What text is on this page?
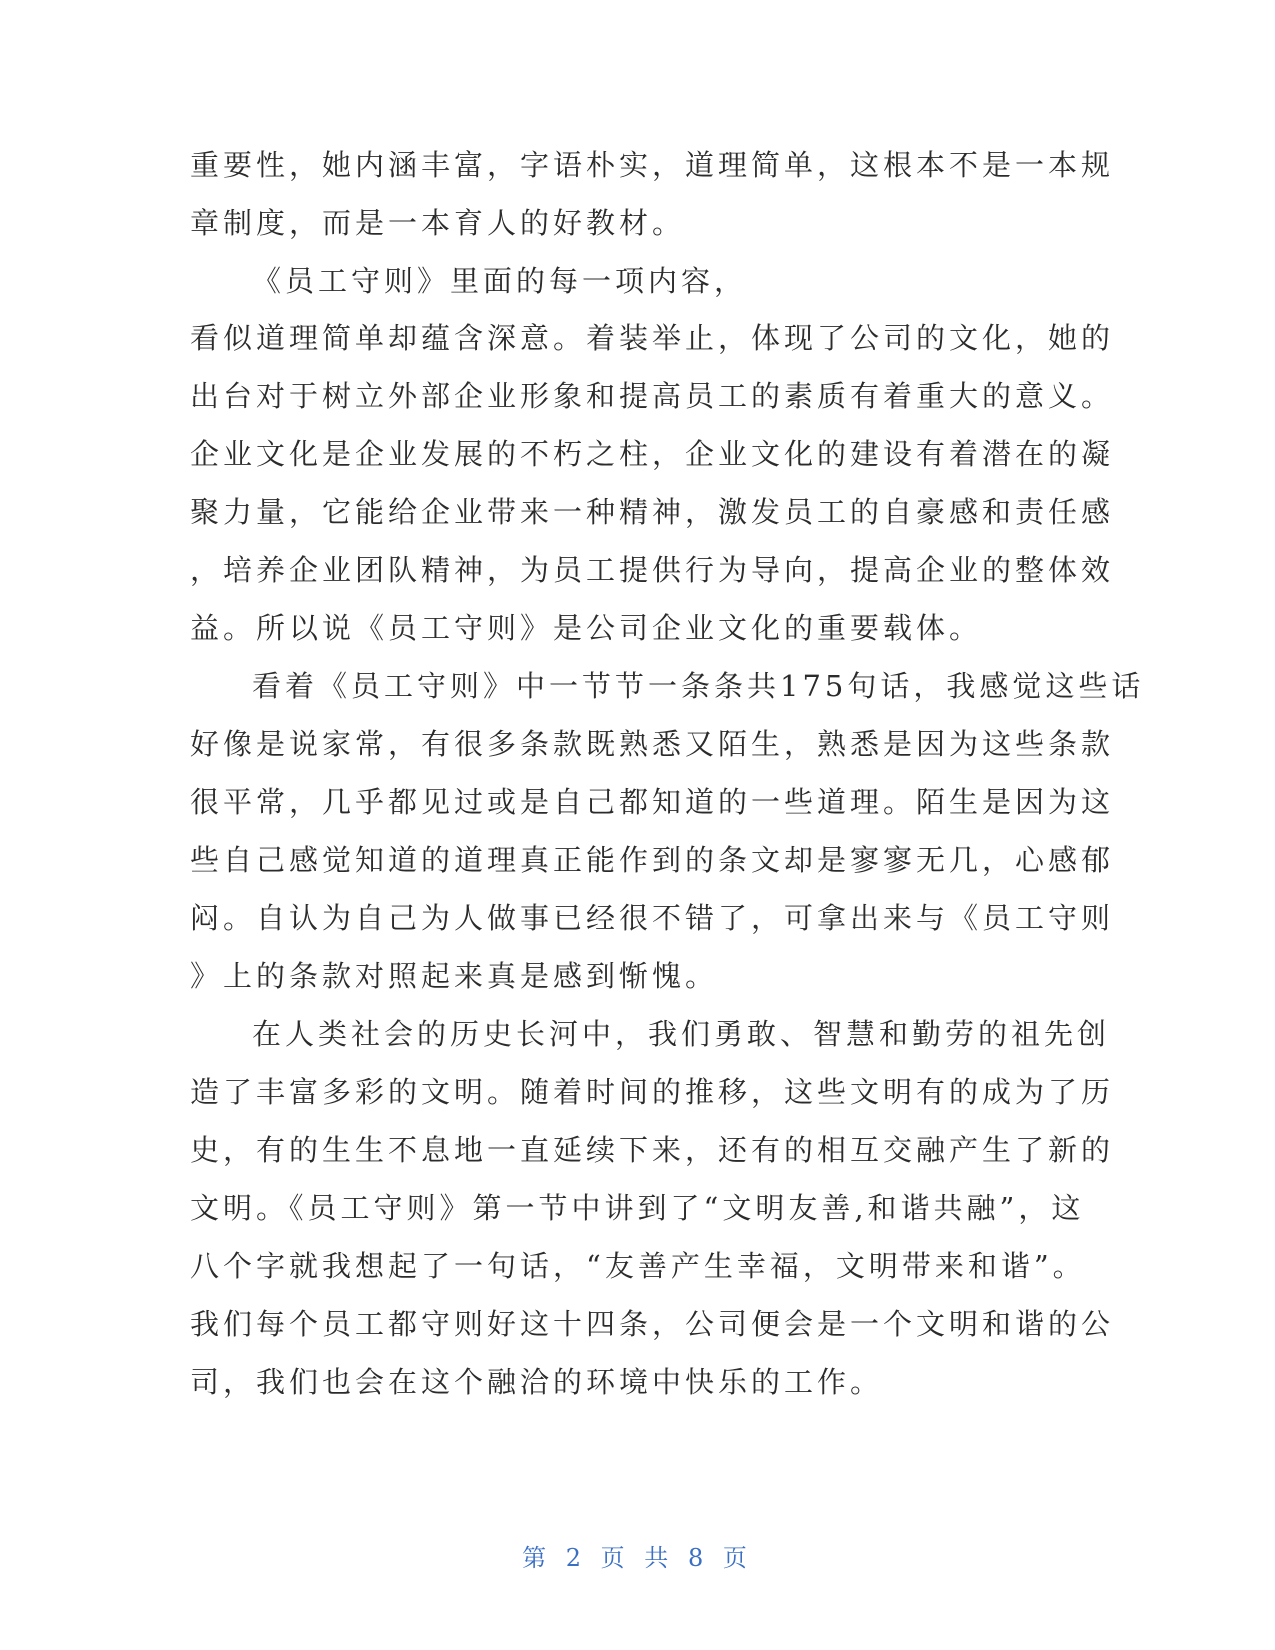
重要性，她内涵丰富，字语朴实，道理简单，这根本不是一本规
章制度，而是一本育人的好教材。
《员工守则》里面的每一项内容，
看似道理简单却蕴含深意。着装举止，体现了公司的文化，她的
出台对于树立外部企业形象和提高员工的素质有着重大的意义。
企业文化是企业发展的不朽之柱，企业文化的建设有着潜在的凝
聚力量，它能给企业带来一种精神，激发员工的自豪感和责任感
，培养企业团队精神，为员工提供行为导向，提高企业的整体效
益。所以说《员工守则》是公司企业文化的重要载体。
看着《员工守则》中一节节一条条共175句话，我感觉这些话
好像是说家常，有很多条款既熟悉又陌生，熟悉是因为这些条款
很平常，几乎都见过或是自己都知道的一些道理。陌生是因为这
些自己感觉知道的道理真正能作到的条文却是寥寥无几，心感郁
闷。自认为自己为人做事已经很不错了，可拿出来与《员工守则
》上的条款对照起来真是感到惭愧。
在人类社会的历史长河中，我们勇敢、智慧和勤劳的祖先创
造了丰富多彩的文明。随着时间的推移，这些文明有的成为了历
史，有的生生不息地一直延续下来，还有的相互交融产生了新的
文明。《员工守则》第一节中讲到了“文明友善,和谐共融”，这
八个字就我想起了一句话，“友善产生幸福，文明带来和谐”。
我们每个员工都守则好这十四条，公司便会是一个文明和谐的公
司，我们也会在这个融洽的环境中快乐的工作。
第 2 页 共 8 页
